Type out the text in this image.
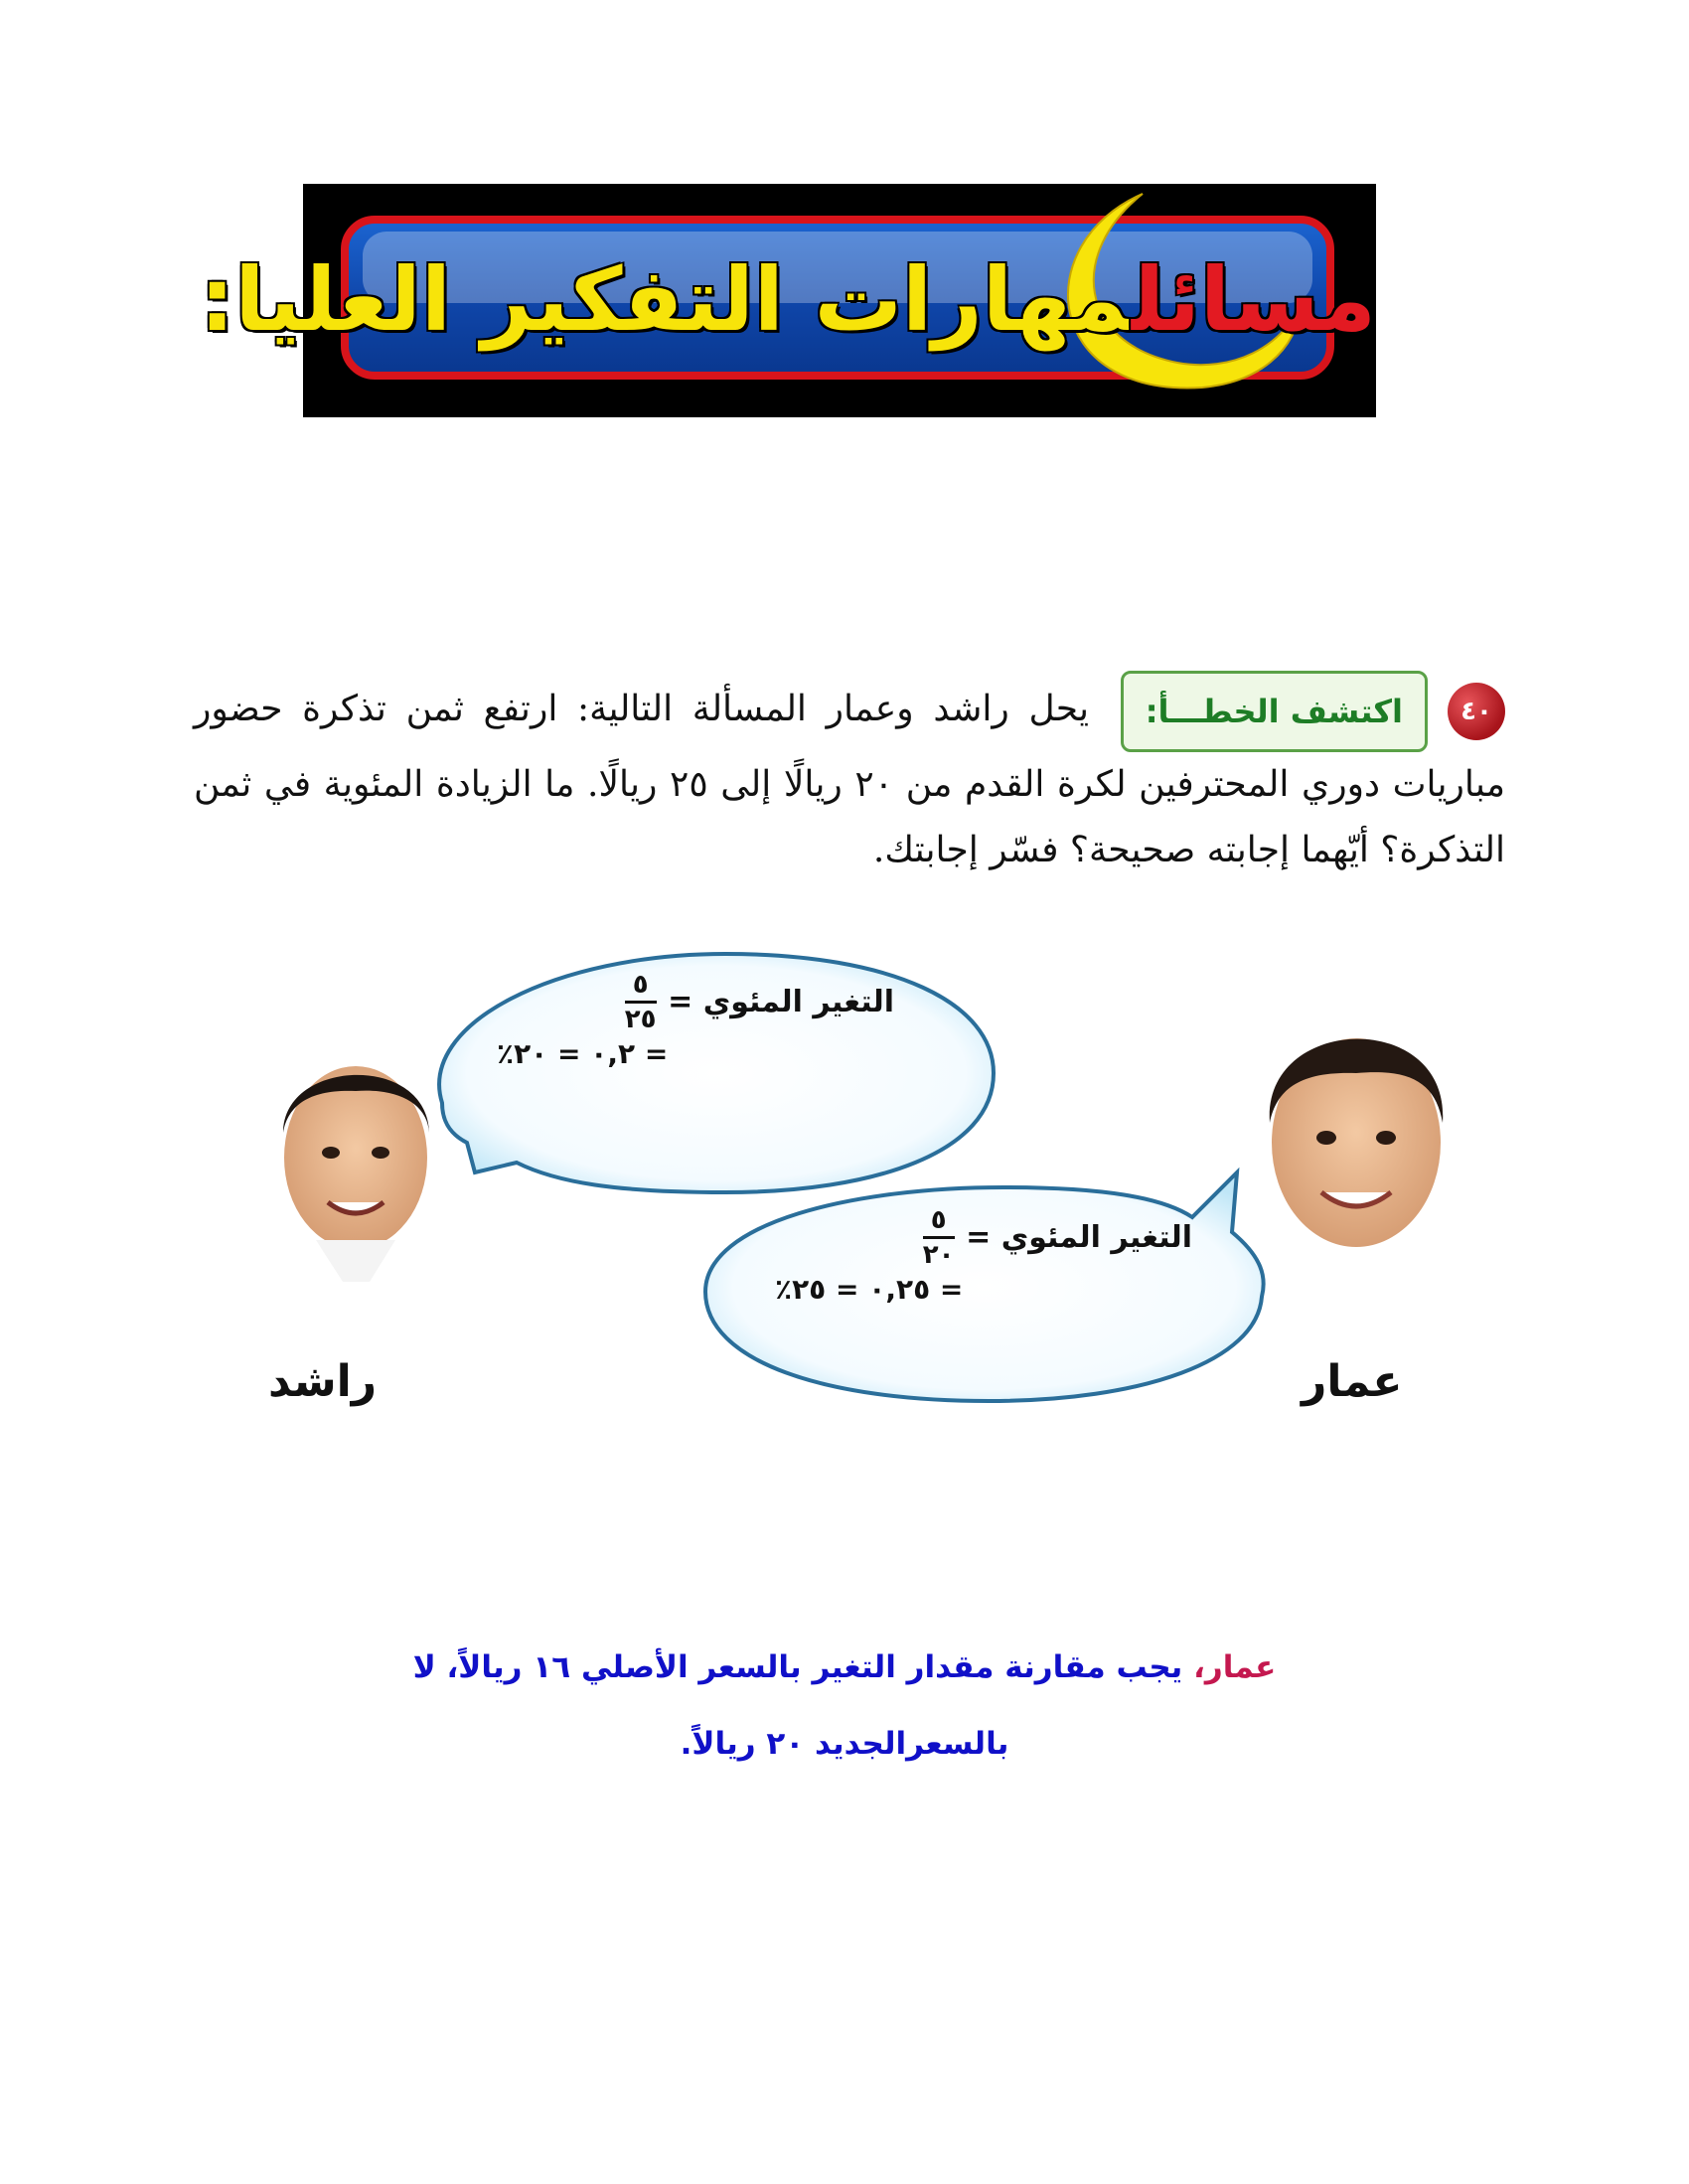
مسائلمهارات التفكير العليا:
٤٠اكتشف الخطـــأ: يحل راشد وعمار المسألة التالية: ارتفع ثمن تذكرة حضور مباريات دوري المحترفين لكرة القدم من ٢٠ ريالًا إلى ٢٥ ريالًا. ما الزيادة المئوية في ثمن التذكرة؟ أيّهما إجابته صحيحة؟ فسّر إجابتك.
التغير المئوي =
$\frac{٥}{٢٥}$
= ٠,٢ = ٢٠٪
التغير المئوي =
$\frac{٥}{٢٠}$
= ٠,٢٥ = ٢٥٪
راشد	عمار
عمار، يجب مقارنة مقدار التغير بالسعر الأصلي ١٦ ريالاً، لا
بالسعرالجديد ٢٠ ريالاً.
